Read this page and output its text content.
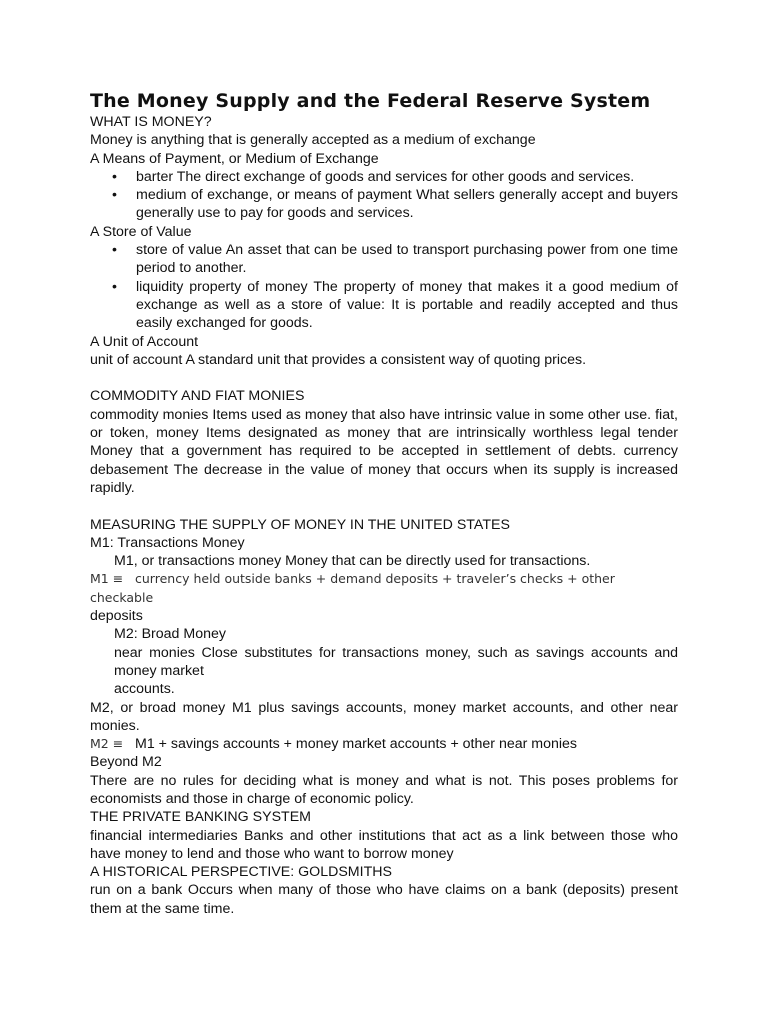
The Money Supply and the Federal Reserve System

WHAT IS MONEY?

Money is anything that is generally accepted as a medium of exchange

A Means of Payment, or Medium of Exchange

• barter The direct exchange of goods and services for other goods and services.
• medium of exchange, or means of payment What sellers generally accept and buyers generally use to pay for goods and services.

A Store of Value

• store of value An asset that can be used to transport purchasing power from one time period to another.
• liquidity property of money The property of money that makes it a good medium of exchange as well as a store of value: It is portable and readily accepted and thus easily exchanged for goods.

A Unit of Account

unit of account A standard unit that provides a consistent way of quoting prices.

COMMODITY AND FIAT MONIES

commodity monies Items used as money that also have intrinsic value in some other use. fiat, or token, money Items designated as money that are intrinsically worthless legal tender Money that a government has required to be accepted in settlement of debts. currency debasement The decrease in the value of money that occurs when its supply is increased rapidly.

MEASURING THE SUPPLY OF MONEY IN THE UNITED STATES

M1: Transactions Money

M1, or transactions money Money that can be directly used for transactions.

M1 ≡ currency held outside banks + demand deposits + traveler’s checks + other checkable

deposits

M2: Broad Money

near monies Close substitutes for transactions money, such as savings accounts and money market

accounts.

M2, or broad money M1 plus savings accounts, money market accounts, and other near monies.

M2 ≡ M1 + savings accounts + money market accounts + other near monies

Beyond M2

There are no rules for deciding what is money and what is not. This poses problems for economists and those in charge of economic policy.

THE PRIVATE BANKING SYSTEM

financial intermediaries Banks and other institutions that act as a link between those who have money to lend and those who want to borrow money

A HISTORICAL PERSPECTIVE: GOLDSMITHS

run on a bank Occurs when many of those who have claims on a bank (deposits) present them at the same time.
